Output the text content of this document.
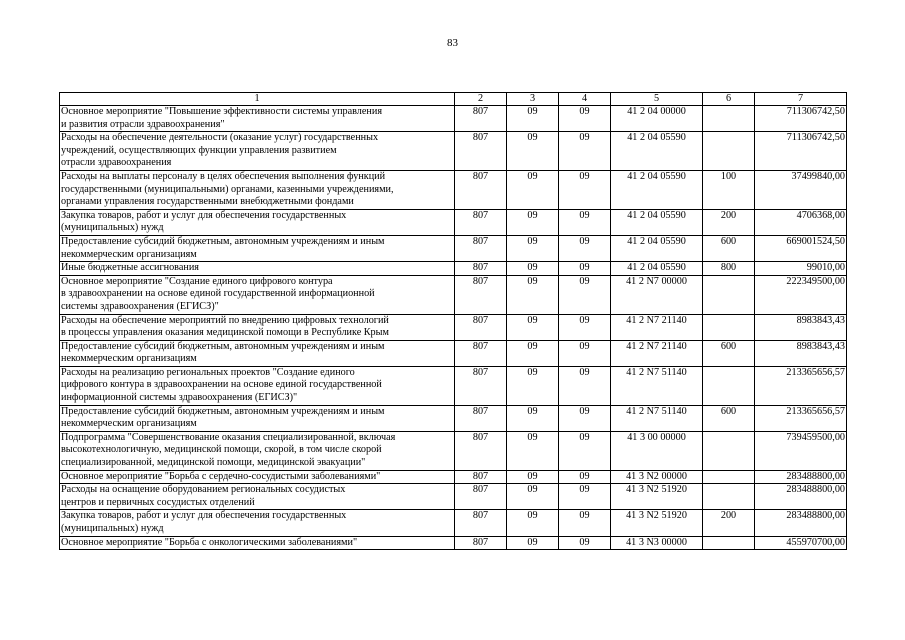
83
1	2	3	4	5	6	7

Основное мероприятие "Повышение эффективности системы управления
и развития отрасли здравоохранения"	807	09	09	41 2 04 00000		711306742,50

Расходы на обеспечение деятельности (оказание услуг) государственных
учреждений, осуществляющих функции управления развитием
отрасли здравоохранения	807	09	09	41 2 04 05590		711306742,50

Расходы на выплаты персоналу в целях обеспечения выполнения функций
государственными (муниципальными) органами, казенными учреждениями,
органами управления государственными внебюджетными фондами	807	09	09	41 2 04 05590	100	37499840,00

Закупка товаров, работ и услуг для обеспечения государственных
(муниципальных) нужд	807	09	09	41 2 04 05590	200	4706368,00

Предоставление субсидий бюджетным, автономным учреждениям и иным
некоммерческим организациям	807	09	09	41 2 04 05590	600	669001524,50

Иные бюджетные ассигнования	807	09	09	41 2 04 05590	800	99010,00

Основное мероприятие "Создание единого цифрового контура
в здравоохранении на основе единой государственной информационной
системы здравоохранения (ЕГИСЗ)"	807	09	09	41 2 N7 00000		222349500,00

Расходы на обеспечение мероприятий по внедрению цифровых технологий
в процессы управления оказания медицинской помощи в Республике Крым	807	09	09	41 2 N7 21140		8983843,43

Предоставление субсидий бюджетным, автономным учреждениям и иным
некоммерческим организациям	807	09	09	41 2 N7 21140	600	8983843,43

Расходы на реализацию региональных проектов "Создание единого
цифрового контура в здравоохранении на основе единой государственной
информационной системы здравоохранения (ЕГИСЗ)"	807	09	09	41 2 N7 51140		213365656,57

Предоставление субсидий бюджетным, автономным учреждениям и иным
некоммерческим организациям	807	09	09	41 2 N7 51140	600	213365656,57

Подпрограмма "Совершенствование оказания специализированной, включая
высокотехнологичную, медицинской помощи, скорой, в том числе скорой
специализированной, медицинской помощи, медицинской эвакуации"	807	09	09	41 3 00 00000		739459500,00

Основное мероприятие "Борьба с сердечно-сосудистыми заболеваниями"	807	09	09	41 3 N2 00000		283488800,00

Расходы на оснащение оборудованием региональных сосудистых
центров и первичных сосудистых отделений	807	09	09	41 3 N2 51920		283488800,00

Закупка товаров, работ и услуг для обеспечения государственных
(муниципальных) нужд	807	09	09	41 3 N2 51920	200	283488800,00

Основное мероприятие "Борьба с онкологическими заболеваниями"	807	09	09	41 3 N3 00000		455970700,00
